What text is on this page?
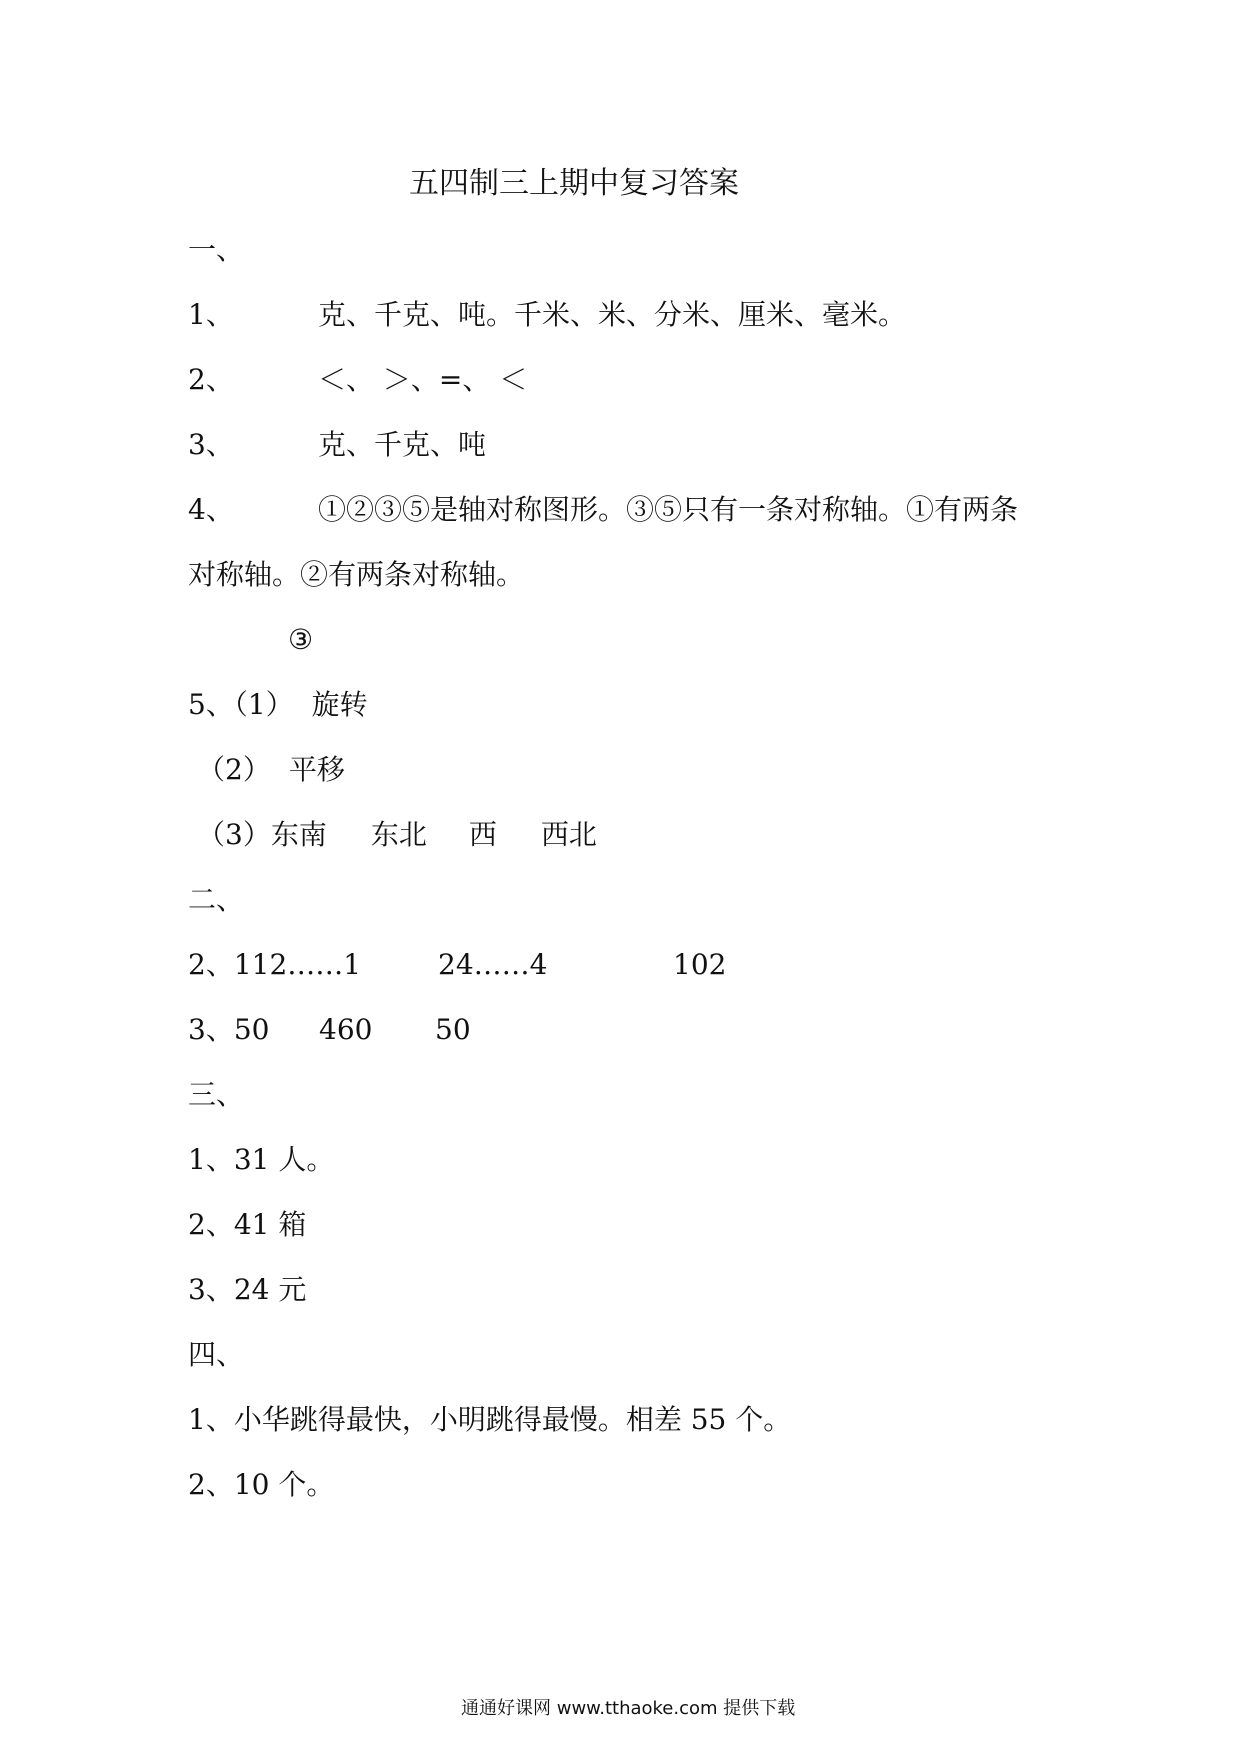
五四制三上期中复习答案
一、
1、	克、千克、吨。千米、米、分米、厘米、毫米。
2、	＜、 ＞、=、 ＜
3、	克、千克、吨
4、	①②③⑤是轴对称图形。③⑤只有一条对称轴。①有两条
对称轴。②有两条对称轴。
③
5、（1） 旋转
（2） 平移
（3）东南 东北 西 西北
二、
2、112……1	24……4	102
3、50 460 50
三、
1、31 人。
2、41 箱
3、24 元
四、
1、小华跳得最快，小明跳得最慢。相差 55 个。
2、10 个。
通通好课网 www.tthaoke.com 提供下载
